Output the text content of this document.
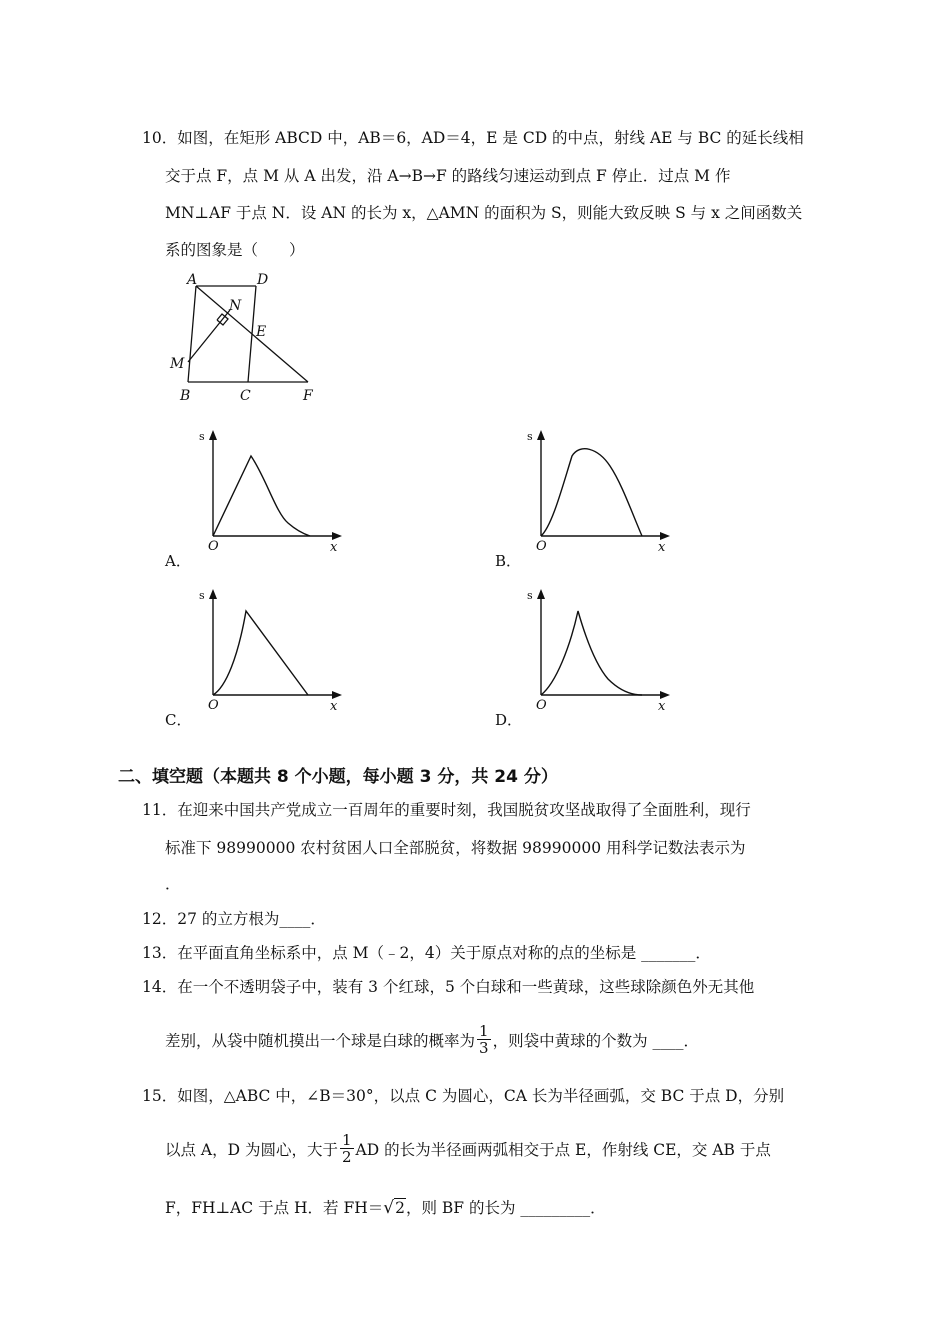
10．如图，在矩形 ABCD 中，AB＝6，AD＝4，E 是 CD 的中点，射线 AE 与 BC 的延长线相
交于点 F，点 M 从 A 出发，沿 A→B→F 的路线匀速运动到点 F 停止．过点 M 作
MN⊥AF 于点 N．设 AN 的长为 x，△AMN 的面积为 S，则能大致反映 S 与 x 之间函数关
系的图象是（　　）
A	D
N
E
M
B	C	F
s
O	x
A．
s
O	x
B．
s
O	x
C．
s
O	x
D．
二、填空题（本题共 8 个小题，每小题 3 分，共 24 分）
11．在迎来中国共产党成立一百周年的重要时刻，我国脱贫攻坚战取得了全面胜利，现行
标准下 98990000 农村贫困人口全部脱贫，将数据 98990000 用科学记数法表示为
．
12．27 的立方根为____．
13．在平面直角坐标系中，点 M（﹣2，4）关于原点对称的点的坐标是 _______．
14．在一个不透明袋子中，装有 3 个红球，5 个白球和一些黄球，这些球除颜色外无其他
差别，从袋中随机摸出一个球是白球的概率为 $\frac{1}{3}$ ，则袋中黄球的个数为 ____．
15．如图，△ABC 中，∠B＝30°，以点 C 为圆心，CA 长为半径画弧，交 BC 于点 D，分别
以点 A，D 为圆心，大于 $\frac{1}{2}$ AD 的长为半径画两弧相交于点 E，作射线 CE，交 AB 于点
F，FH⊥AC 于点 H．若 FH＝√2，则 BF 的长为 _________．
